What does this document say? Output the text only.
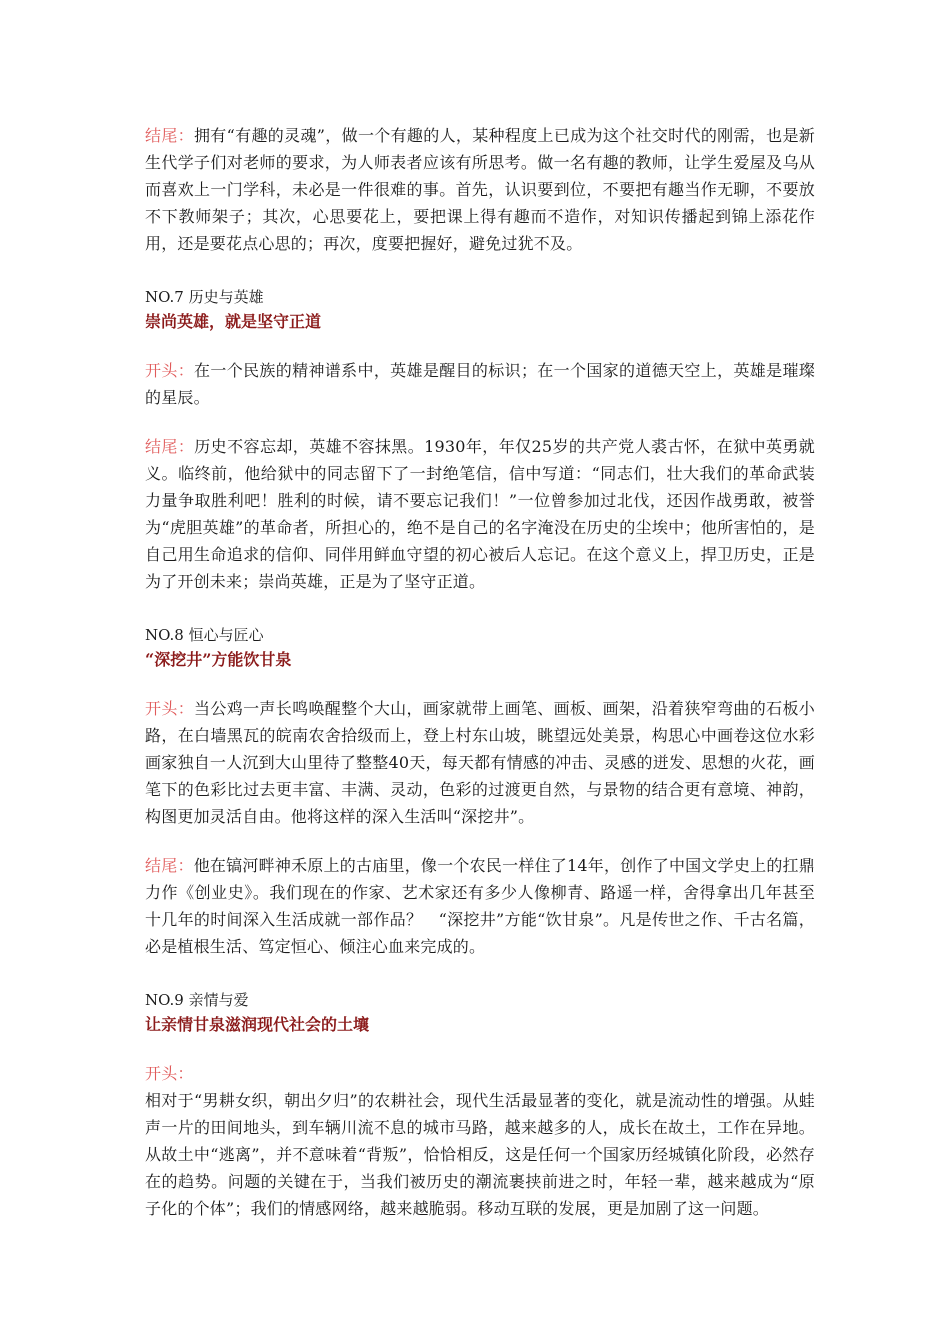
结尾：拥有“有趣的灵魂”，做一个有趣的人，某种程度上已成为这个社交时代的刚需，也是新生代学子们对老师的要求，为人师表者应该有所思考。做一名有趣的教师，让学生爱屋及乌从而喜欢上一门学科，未必是一件很难的事。首先，认识要到位，不要把有趣当作无聊，不要放不下教师架子；其次，心思要花上，要把课上得有趣而不造作，对知识传播起到锦上添花作用，还是要花点心思的；再次，度要把握好，避免过犹不及。

NO.7 历史与英雄

崇尚英雄，就是坚守正道

开头：在一个民族的精神谱系中，英雄是醒目的标识；在一个国家的道德天空上，英雄是璀璨的星辰。

结尾：历史不容忘却，英雄不容抹黑。1930年，年仅25岁的共产党人裘古怀，在狱中英勇就义。临终前，他给狱中的同志留下了一封绝笔信，信中写道：“同志们，壮大我们的革命武装力量争取胜利吧！胜利的时候，请不要忘记我们！”一位曾参加过北伐，还因作战勇敢，被誉为“虎胆英雄”的革命者，所担心的，绝不是自己的名字淹没在历史的尘埃中；他所害怕的，是自己用生命追求的信仰、同伴用鲜血守望的初心被后人忘记。在这个意义上，捍卫历史，正是为了开创未来；崇尚英雄，正是为了坚守正道。

NO.8 恒心与匠心

“深挖井”方能饮甘泉

开头：当公鸡一声长鸣唤醒整个大山，画家就带上画笔、画板、画架，沿着狭窄弯曲的石板小路，在白墙黑瓦的皖南农舍拾级而上，登上村东山坡，眺望远处美景，构思心中画卷这位水彩画家独自一人沉到大山里待了整整40天，每天都有情感的冲击、灵感的迸发、思想的火花，画笔下的色彩比过去更丰富、丰满、灵动，色彩的过渡更自然，与景物的结合更有意境、神韵，构图更加灵活自由。他将这样的深入生活叫“深挖井”。

结尾：他在镐河畔神禾原上的古庙里，像一个农民一样住了14年，创作了中国文学史上的扛鼎力作《创业史》。我们现在的作家、艺术家还有多少人像柳青、路遥一样，舍得拿出几年甚至十几年的时间深入生活成就一部作品？　“深挖井”方能“饮甘泉”。凡是传世之作、千古名篇，必是植根生活、笃定恒心、倾注心血来完成的。

NO.9 亲情与爱

让亲情甘泉滋润现代社会的土壤

开头：

相对于“男耕女织，朝出夕归”的农耕社会，现代生活最显著的变化，就是流动性的增强。从蛙声一片的田间地头，到车辆川流不息的城市马路，越来越多的人，成长在故土，工作在异地。从故土中“逃离”，并不意味着“背叛”，恰恰相反，这是任何一个国家历经城镇化阶段，必然存在的趋势。问题的关键在于，当我们被历史的潮流裹挟前进之时，年轻一辈，越来越成为“原子化的个体”；我们的情感网络，越来越脆弱。移动互联的发展，更是加剧了这一问题。
